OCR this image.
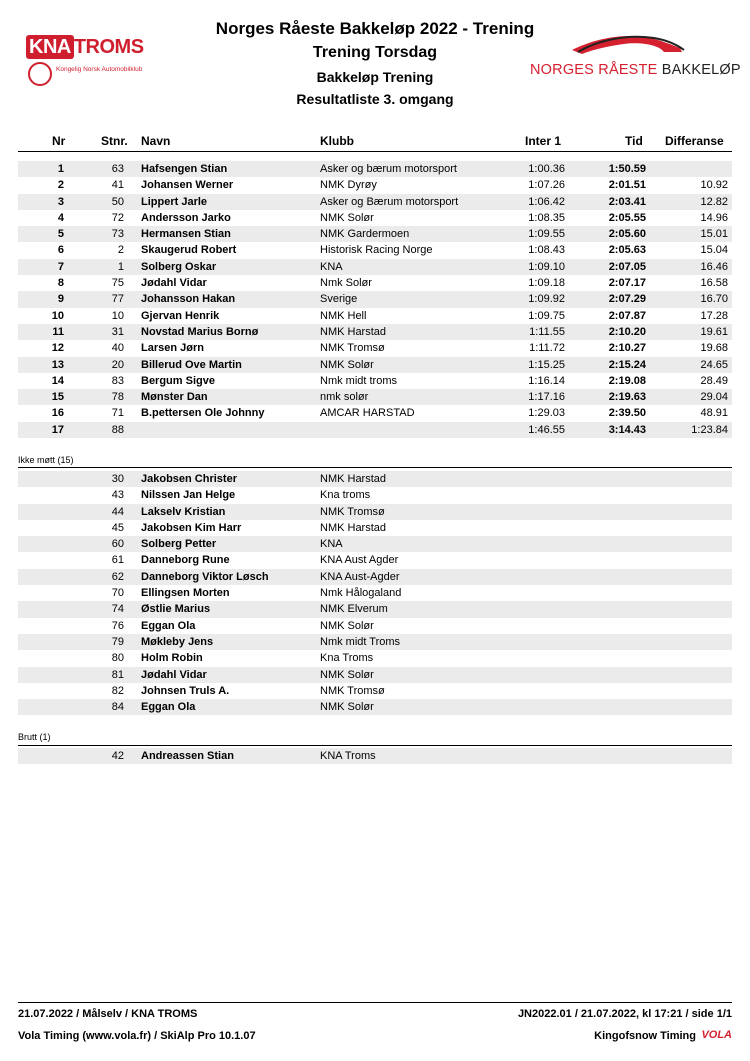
KNA TROMS
Kongelig Norsk Automobilklub
Norges Råeste Bakkeløp 2022 - Trening
Trening Torsdag
Bakkeløp Trening
Resultatliste 3. omgang
NORGES RÅESTE BAKKELØP
Nr	Stnr. Navn	Klubb	Inter 1	Tid Differanse
1	63 Hafsengen Stian	Asker og bærum motorsport	1:00.36	1:50.59
2	41 Johansen Werner	NMK Dyrøy	1:07.26	2:01.51	10.92
3	50 Lippert Jarle	Asker og Bærum motorsport	1:06.42	2:03.41	12.82
4	72 Andersson Jarko	NMK Solør	1:08.35	2:05.55	14.96
5	73 Hermansen Stian	NMK Gardermoen	1:09.55	2:05.60	15.01
6	2 Skaugerud Robert	Historisk Racing Norge	1:08.43	2:05.63	15.04
7	1 Solberg Oskar	KNA	1:09.10	2:07.05	16.46
8	75 Jødahl Vidar	Nmk Solør	1:09.18	2:07.17	16.58
9	77 Johansson Hakan	Sverige	1:09.92	2:07.29	16.70
10	10 Gjervan Henrik	NMK Hell	1:09.75	2:07.87	17.28
11	31 Novstad Marius Bornø	NMK Harstad	1:11.55	2:10.20	19.61
12	40 Larsen Jørn	NMK Tromsø	1:11.72	2:10.27	19.68
13	20 Billerud Ove Martin	NMK Solør	1:15.25	2:15.24	24.65
14	83 Bergum Sigve	Nmk midt troms	1:16.14	2:19.08	28.49
15	78 Mønster Dan	nmk solør	1:17.16	2:19.63	29.04
16	71 B.pettersen Ole Johnny	AMCAR HARSTAD	1:29.03	2:39.50	48.91
17	88	1:46.55	3:14.43	1:23.84
Ikke møtt (15)
30 Jakobsen Christer	NMK Harstad
43 Nilssen Jan Helge	Kna troms
44 Lakselv Kristian	NMK Tromsø
45 Jakobsen Kim Harr	NMK Harstad
60 Solberg Petter	KNA
61 Danneborg Rune	KNA Aust Agder
62 Danneborg Viktor Løsch	KNA Aust-Agder
70 Ellingsen Morten	Nmk Hålogaland
74 Østlie Marius	NMK Elverum
76 Eggan Ola	NMK Solør
79 Møkleby Jens	Nmk midt Troms
80 Holm Robin	Kna Troms
81 Jødahl Vidar	NMK Solør
82 Johnsen Truls A.	NMK Tromsø
84 Eggan Ola	NMK Solør
Brutt (1)
42 Andreassen Stian	KNA Troms
21.07.2022 / Målselv / KNA TROMS	JN2022.01 / 21.07.2022, kl 17:21 / side 1/1
Vola Timing (www.vola.fr) / SkiAlp Pro 10.1.07	Kingofsnow Timing VOLA
